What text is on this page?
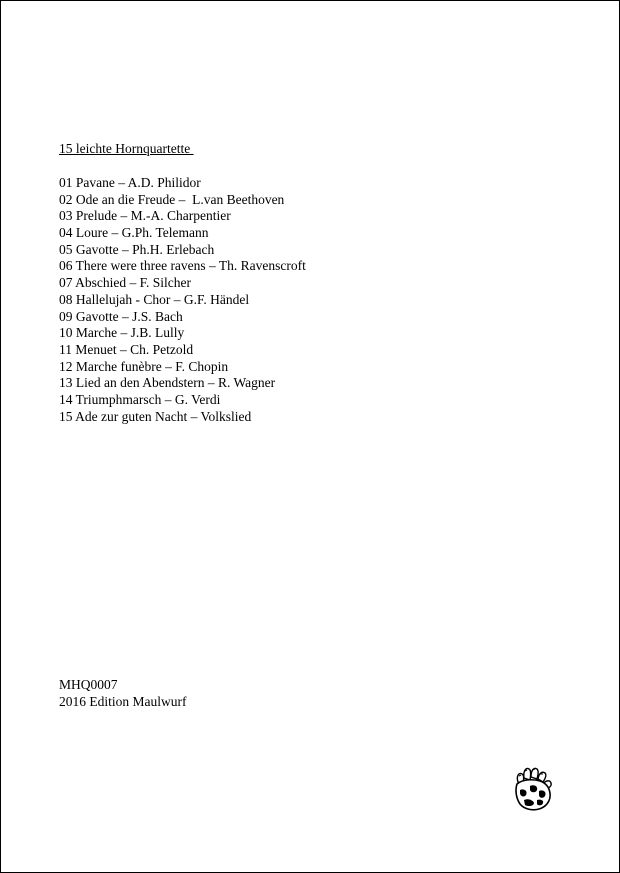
15 leichte Hornquartette
01 Pavane – A.D. Philidor
02 Ode an die Freude –  L.van Beethoven
03 Prelude – M.-A. Charpentier
04 Loure – G.Ph. Telemann
05 Gavotte – Ph.H. Erlebach
06 There were three ravens – Th. Ravenscroft
07 Abschied – F. Silcher
08 Hallelujah - Chor – G.F. Händel
09 Gavotte – J.S. Bach
10 Marche – J.B. Lully
11 Menuet – Ch. Petzold
12 Marche funèbre – F. Chopin
13 Lied an den Abendstern – R. Wagner
14 Triumphmarsch – G. Verdi
15 Ade zur guten Nacht – Volkslied
MHQ0007
2016 Edition Maulwurf
